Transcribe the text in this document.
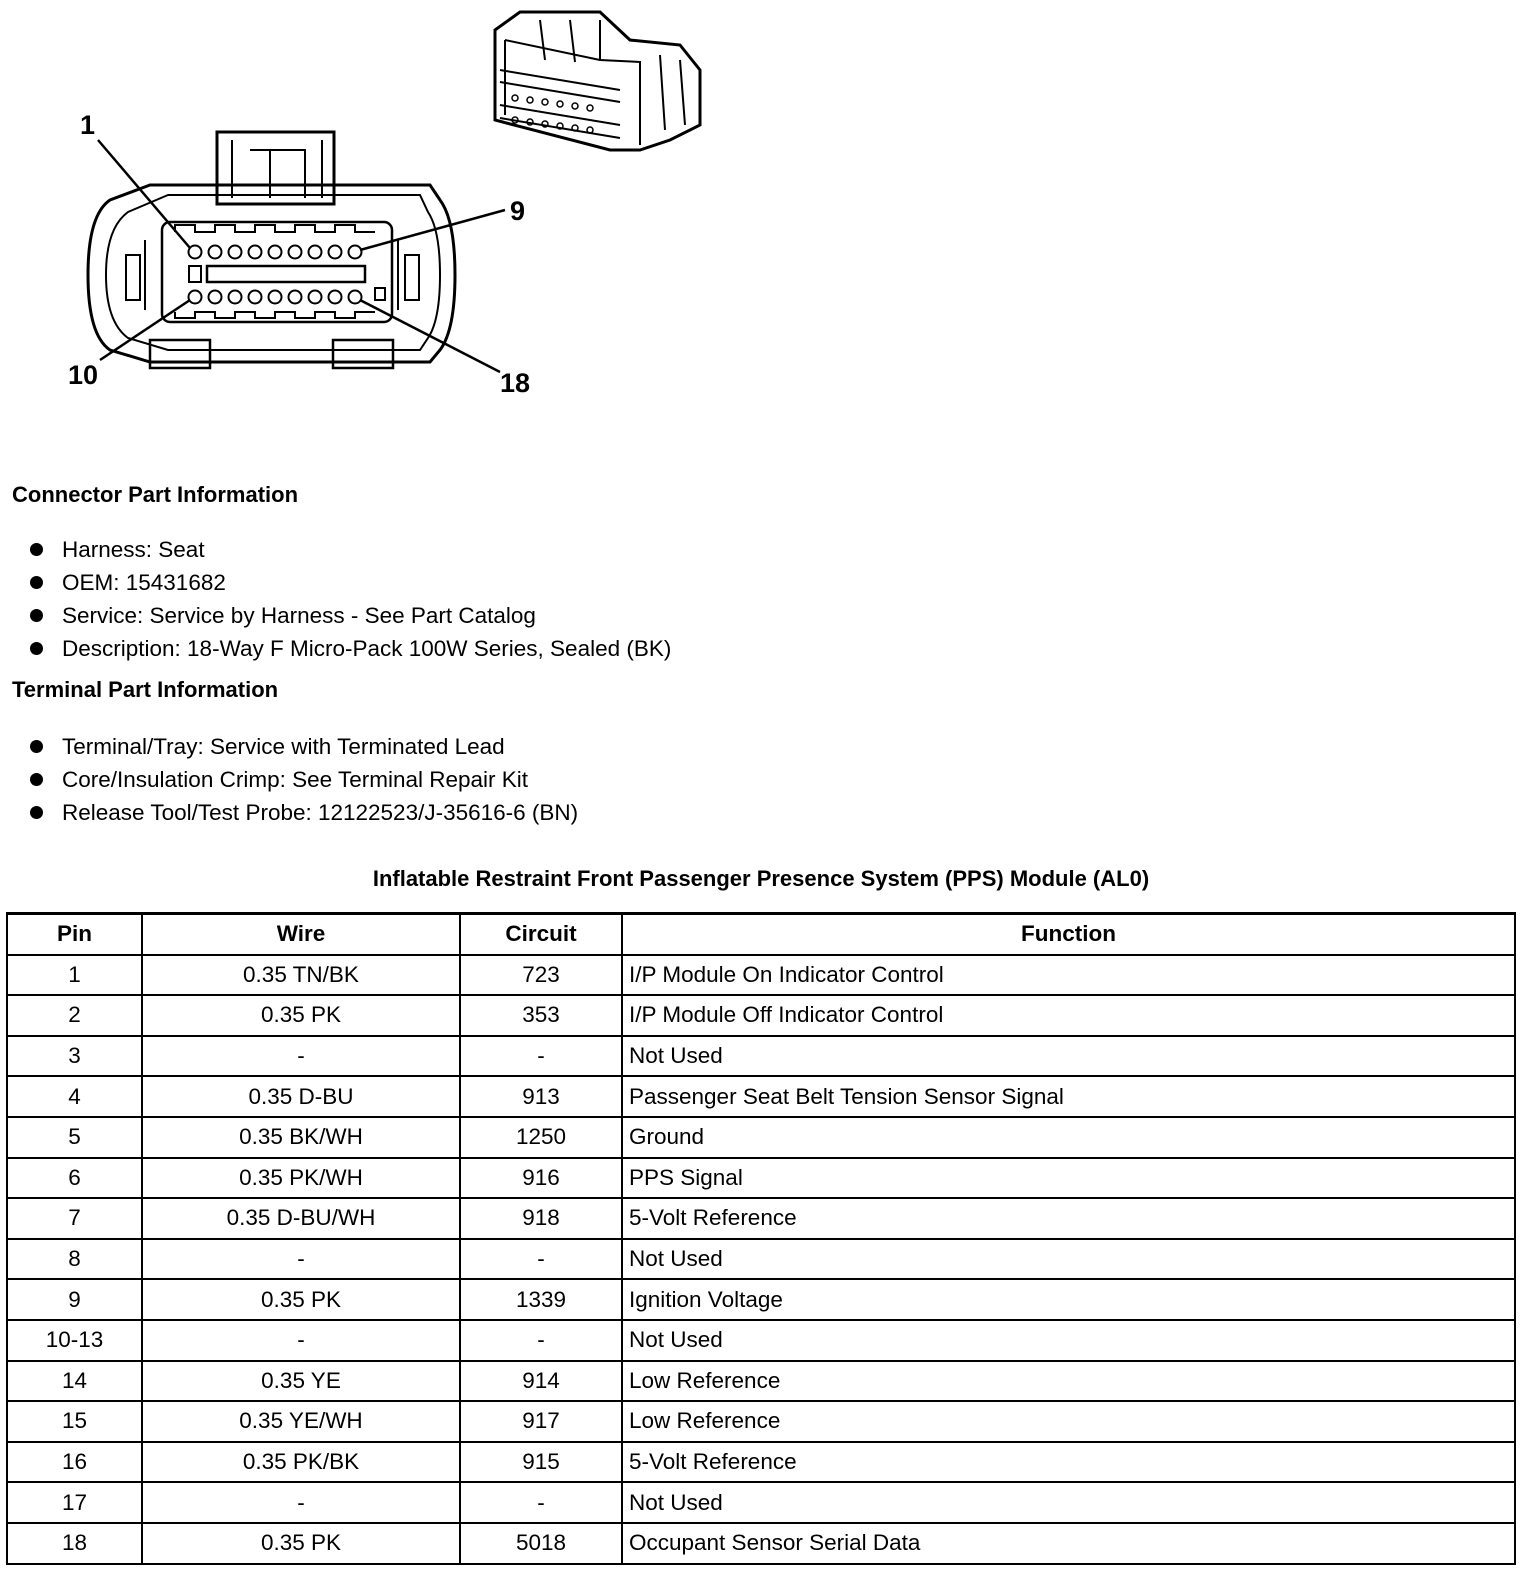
1
9
10	18
Connector Part Information
Harness: Seat
OEM: 15431682
Service: Service by Harness - See Part Catalog
Description: 18-Way F Micro-Pack 100W Series, Sealed (BK)
Terminal Part Information
Terminal/Tray: Service with Terminated Lead
Core/Insulation Crimp: See Terminal Repair Kit
Release Tool/Test Probe: 12122523/J-35616-6 (BN)
Inflatable Restraint Front Passenger Presence System (PPS) Module (AL0)
Pin	Wire	Circuit	Function
1	0.35 TN/BK	723	I/P Module On Indicator Control
2	0.35 PK	353	I/P Module Off Indicator Control
3	-	-	Not Used
4	0.35 D-BU	913	Passenger Seat Belt Tension Sensor Signal
5	0.35 BK/WH	1250	Ground
6	0.35 PK/WH	916	PPS Signal
7	0.35 D-BU/WH	918	5-Volt Reference
8	-	-	Not Used
9	0.35 PK	1339	Ignition Voltage
10-13	-	-	Not Used
14	0.35 YE	914	Low Reference
15	0.35 YE/WH	917	Low Reference
16	0.35 PK/BK	915	5-Volt Reference
17	-	-	Not Used
18	0.35 PK	5018	Occupant Sensor Serial Data
